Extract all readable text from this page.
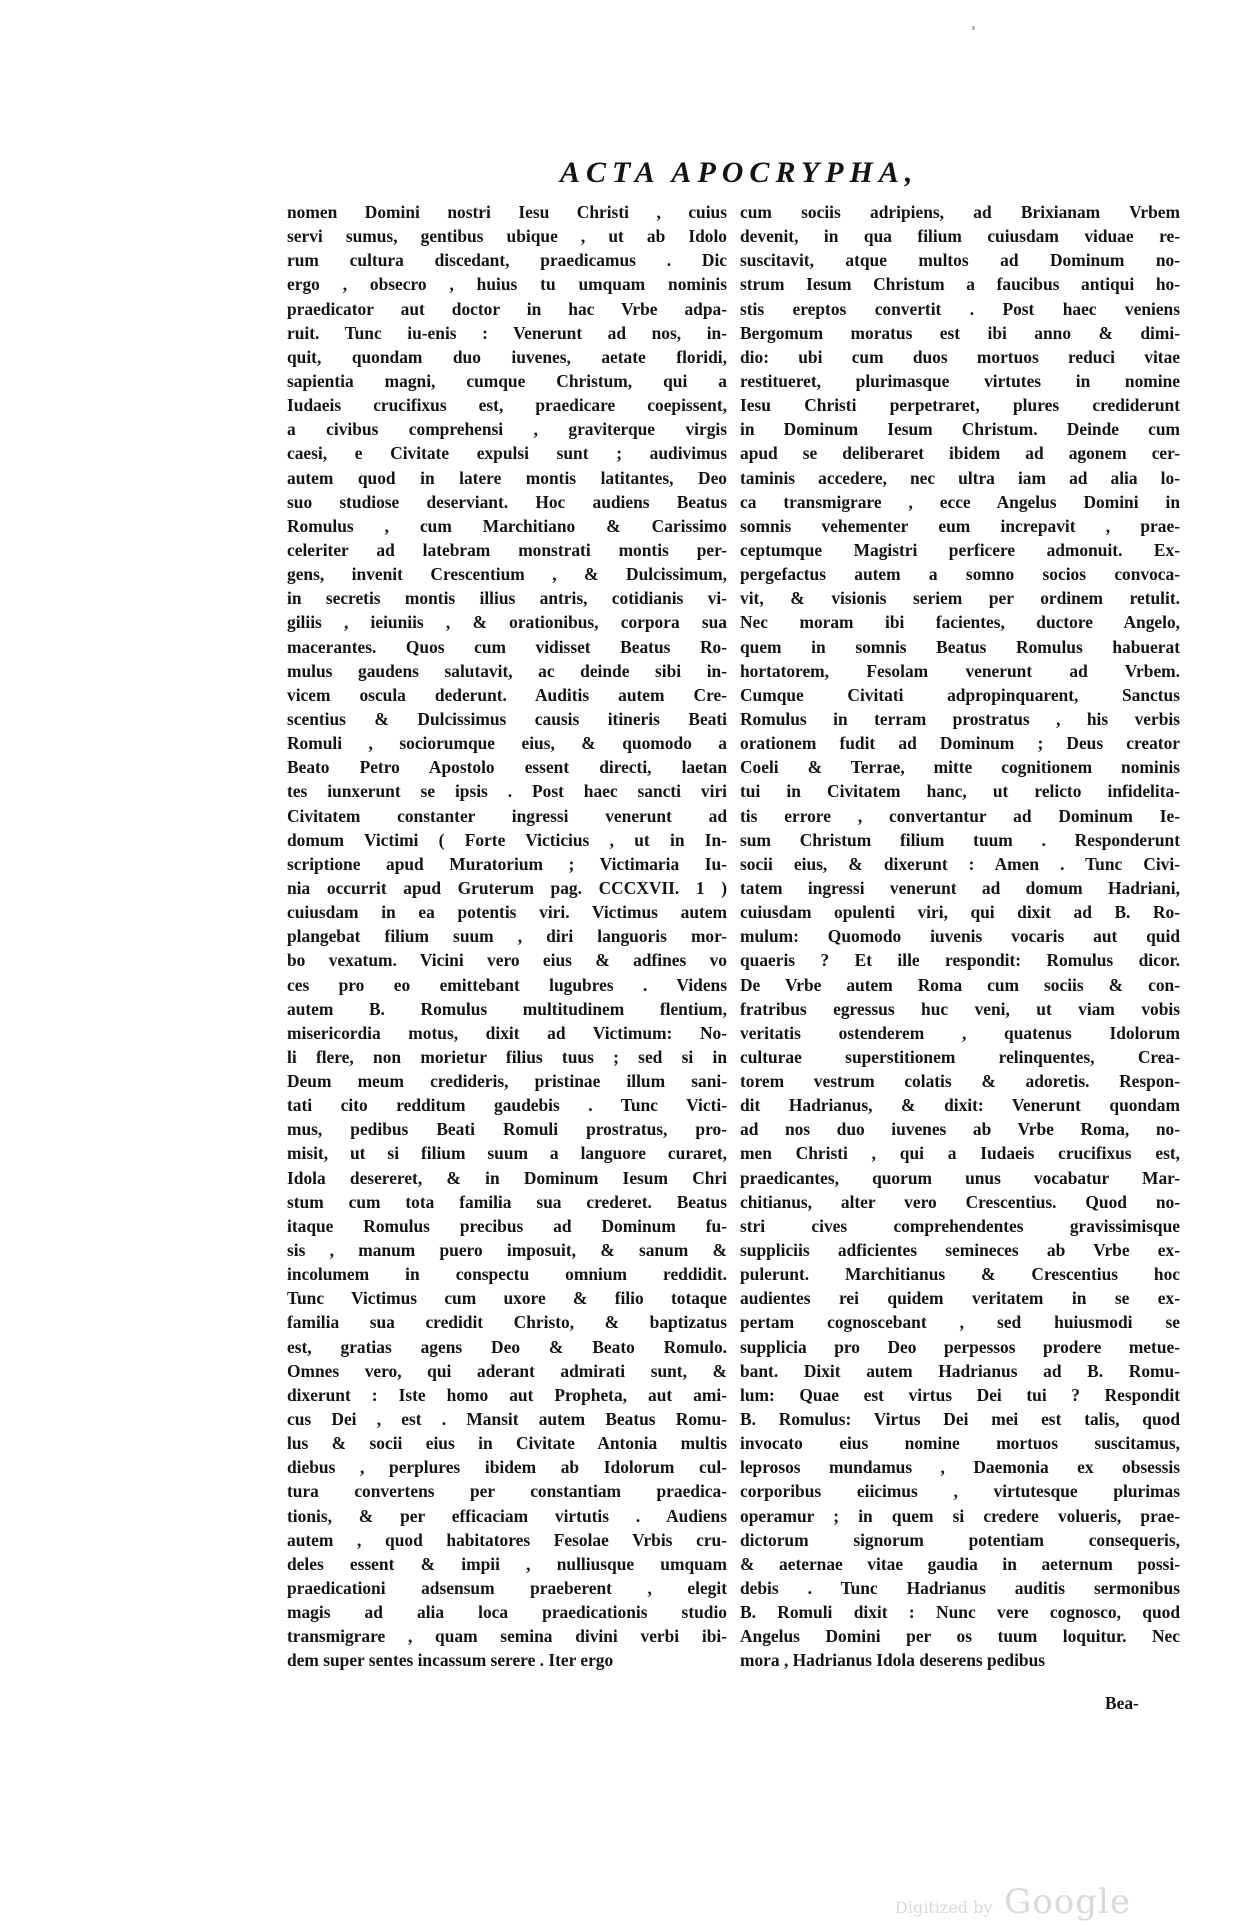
ACTA APOCRYPHA,
nomen Domini nostri Iesu Christi , cuius
servi sumus, gentibus ubique , ut ab Idolo
rum cultura discedant, praedicamus . Dic
ergo , obsecro , huius tu umquam nominis
praedicator aut doctor in hac Vrbe adpa-
ruit. Tunc iu-enis : Venerunt ad nos, in-
quit, quondam duo iuvenes, aetate floridi,
sapientia magni, cumque Christum, qui a
Iudaeis crucifixus est, praedicare coepissent,
a civibus comprehensi , graviterque virgis
caesi, e Civitate expulsi sunt ; audivimus
autem quod in latere montis latitantes, Deo
suo studiose deserviant. Hoc audiens Beatus
Romulus , cum Marchitiano & Carissimo
celeriter ad latebram monstrati montis per-
gens, invenit Crescentium , & Dulcissimum,
in secretis montis illius antris, cotidianis vi-
giliis , ieiuniis , & orationibus, corpora sua
macerantes. Quos cum vidisset Beatus Ro-
mulus gaudens salutavit, ac deinde sibi in-
vicem oscula dederunt. Auditis autem Cre-
scentius & Dulcissimus causis itineris Beati
Romuli , sociorumque eius, & quomodo a
Beato Petro Apostolo essent directi, laetan
tes iunxerunt se ipsis . Post haec sancti viri
Civitatem constanter ingressi venerunt ad
domum Victimi ( Forte Victicius , ut in In-
scriptione apud Muratorium ; Victimaria Iu-
nia occurrit apud Gruterum pag. CCCXVII. 1 )
cuiusdam in ea potentis viri. Victimus autem
plangebat filium suum , diri languoris mor-
bo vexatum. Vicini vero eius & adfines vo
ces pro eo emittebant lugubres . Videns
autem B. Romulus multitudinem flentium,
misericordia motus, dixit ad Victimum: No-
li flere, non morietur filius tuus ; sed si in
Deum meum credideris, pristinae illum sani-
tati cito redditum gaudebis . Tunc Victi-
mus, pedibus Beati Romuli prostratus, pro-
misit, ut si filium suum a languore curaret,
Idola desereret, & in Dominum Iesum Chri
stum cum tota familia sua crederet. Beatus
itaque Romulus precibus ad Dominum fu-
sis , manum puero imposuit, & sanum &
incolumem in conspectu omnium reddidit.
Tunc Victimus cum uxore & filio totaque
familia sua credidit Christo, & baptizatus
est, gratias agens Deo & Beato Romulo.
Omnes vero, qui aderant admirati sunt, &
dixerunt : Iste homo aut Propheta, aut ami-
cus Dei , est . Mansit autem Beatus Romu-
lus & socii eius in Civitate Antonia multis
diebus , perplures ibidem ab Idolorum cul-
tura convertens per constantiam praedica-
tionis, & per efficaciam virtutis . Audiens
autem , quod habitatores Fesolae Vrbis cru-
deles essent & impii , nulliusque umquam
praedicationi adsensum praeberent , elegit
magis ad alia loca praedicationis studio
transmigrare , quam semina divini verbi ibi-
dem super sentes incassum serere . Iter ergo
cum sociis adripiens, ad Brixianam Vrbem
devenit, in qua filium cuiusdam viduae re-
suscitavit, atque multos ad Dominum no-
strum Iesum Christum a faucibus antiqui ho-
stis ereptos convertit . Post haec veniens
Bergomum moratus est ibi anno & dimi-
dio: ubi cum duos mortuos reduci vitae
restitueret, plurimasque virtutes in nomine
Iesu Christi perpetraret, plures crediderunt
in Dominum Iesum Christum. Deinde cum
apud se deliberaret ibidem ad agonem cer-
taminis accedere, nec ultra iam ad alia lo-
ca transmigrare , ecce Angelus Domini in
somnis vehementer eum increpavit , prae-
ceptumque Magistri perficere admonuit. Ex-
pergefactus autem a somno socios convoca-
vit, & visionis seriem per ordinem retulit.
Nec moram ibi facientes, ductore Angelo,
quem in somnis Beatus Romulus habuerat
hortatorem, Fesolam venerunt ad Vrbem.
Cumque Civitati adpropinquarent, Sanctus
Romulus in terram prostratus , his verbis
orationem fudit ad Dominum ; Deus creator
Coeli & Terrae, mitte cognitionem nominis
tui in Civitatem hanc, ut relicto infidelita-
tis errore , convertantur ad Dominum Ie-
sum Christum filium tuum . Responderunt
socii eius, & dixerunt : Amen . Tunc Civi-
tatem ingressi venerunt ad domum Hadriani,
cuiusdam opulenti viri, qui dixit ad B. Ro-
mulum: Quomodo iuvenis vocaris aut quid
quaeris ? Et ille respondit: Romulus dicor.
De Vrbe autem Roma cum sociis & con-
fratribus egressus huc veni, ut viam vobis
veritatis ostenderem , quatenus Idolorum
culturae superstitionem relinquentes, Crea-
torem vestrum colatis & adoretis. Respon-
dit Hadrianus, & dixit: Venerunt quondam
ad nos duo iuvenes ab Vrbe Roma, no-
men Christi , qui a Iudaeis crucifixus est,
praedicantes, quorum unus vocabatur Mar-
chitianus, alter vero Crescentius. Quod no-
stri cives comprehendentes gravissimisque
suppliciis adficientes semineces ab Vrbe ex-
pulerunt. Marchitianus & Crescentius hoc
audientes rei quidem veritatem in se ex-
pertam cognoscebant , sed huiusmodi se
supplicia pro Deo perpessos prodere metue-
bant. Dixit autem Hadrianus ad B. Romu-
lum: Quae est virtus Dei tui ? Respondit
B. Romulus: Virtus Dei mei est talis, quod
invocato eius nomine mortuos suscitamus,
leprosos mundamus , Daemonia ex obsessis
corporibus eiicimus , virtutesque plurimas
operamur ; in quem si credere volueris, prae-
dictorum signorum potentiam consequeris,
& aeternae vitae gaudia in aeternum possi-
debis . Tunc Hadrianus auditis sermonibus
B. Romuli dixit : Nunc vere cognosco, quod
Angelus Domini per os tuum loquitur. Nec
mora , Hadrianus Idola deserens pedibus
Bea-
Digitized by Google
